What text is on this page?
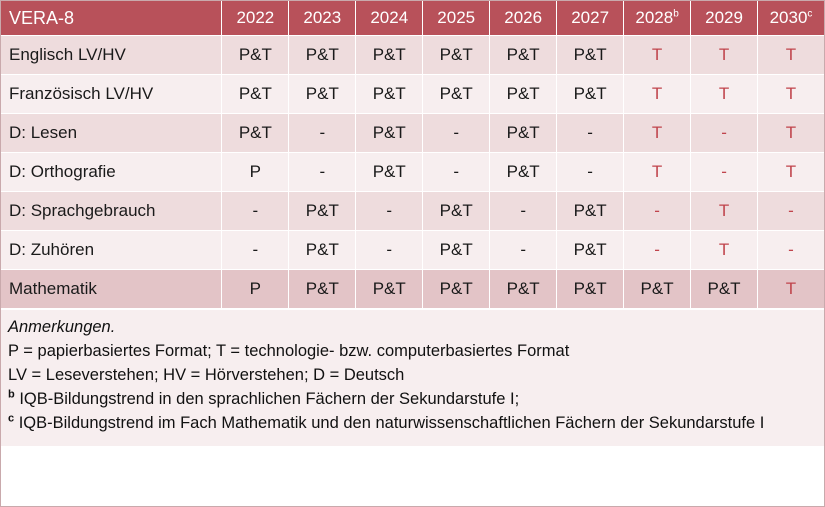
VERA-8	2022	2023	2024	2025	2026	2027	2028$^b$	2029	2030$^c$
Englisch LV/HV	P&T	P&T	P&T	P&T	P&T	P&T	T	T	T
Französisch LV/HV	P&T	P&T	P&T	P&T	P&T	P&T	T	T	T
D: Lesen	P&T	-	P&T	-	P&T	-	T	-	T
D: Orthografie	P	-	P&T	-	P&T	-	T	-	T
D: Sprachgebrauch	-	P&T	-	P&T	-	P&T	-	T	-
D: Zuhören	-	P&T	-	P&T	-	P&T	-	T	-
Mathematik	P	P&T	P&T	P&T	P&T	P&T	P&T	P&T	T

Anmerkungen.

P = papierbasiertes Format; T = technologie- bzw. computerbasiertes Format

LV = Leseverstehen; HV = Hörverstehen; D = Deutsch

$^b$ IQB-Bildungstrend in den sprachlichen Fächern der Sekundarstufe I;

$^c$ IQB-Bildungstrend im Fach Mathematik und den naturwissenschaftlichen Fächern der Sekundarstufe I
